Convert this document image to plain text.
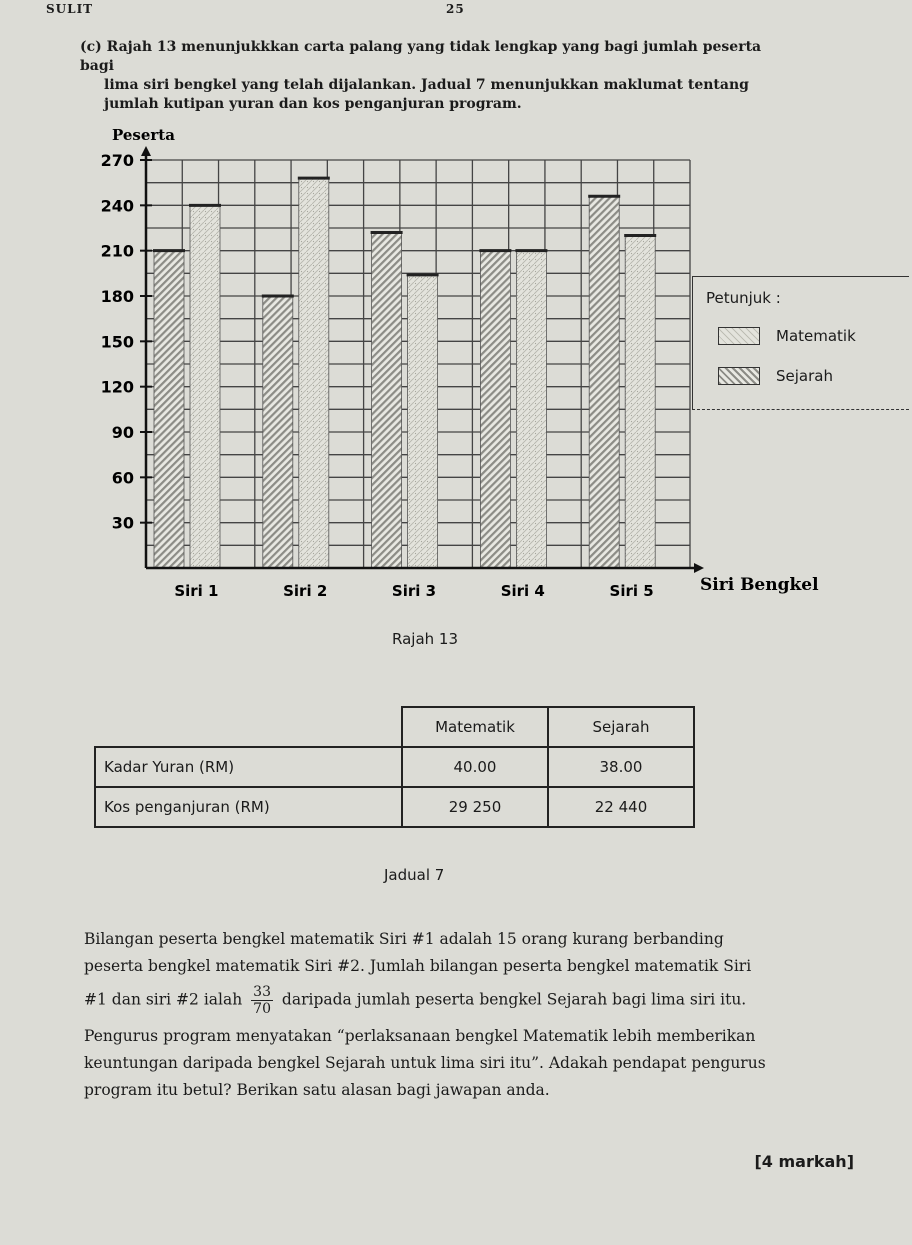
SULIT	25

(c) Rajah 13 menunjukkkan carta palang yang tidak lengkap yang bagi jumlah peserta bagi

lima siri bengkel yang telah dijalankan. Jadual 7 menunjukkan maklumat tentang

jumlah kutipan yuran dan kos penganjuran program.

Siri 1	Siri 2	Siri 3	Siri 4	Siri 5
30
60
90
120
150
180
210
240
270
Peserta
Siri Bengkel
Petunjuk :
Matematik
Sejarah
Rajah 13
	Matematik	Sejarah
Kadar Yuran (RM)	40.00	38.00
Kos penganjuran (RM)	29 250	22 440
Jadual 7

Bilangan peserta bengkel matematik Siri #1 adalah 15 orang kurang berbanding

peserta bengkel matematik Siri #2. Jumlah bilangan peserta bengkel matematik Siri

#1 dan siri #2 ialah $\frac{33}{70}$ daripada jumlah peserta bengkel Sejarah bagi lima siri itu.

Pengurus program menyatakan “perlaksanaan bengkel Matematik lebih memberikan

keuntungan daripada bengkel Sejarah untuk lima siri itu”. Adakah pendapat pengurus

program itu betul? Berikan satu alasan bagi jawapan anda.

[4 markah]
